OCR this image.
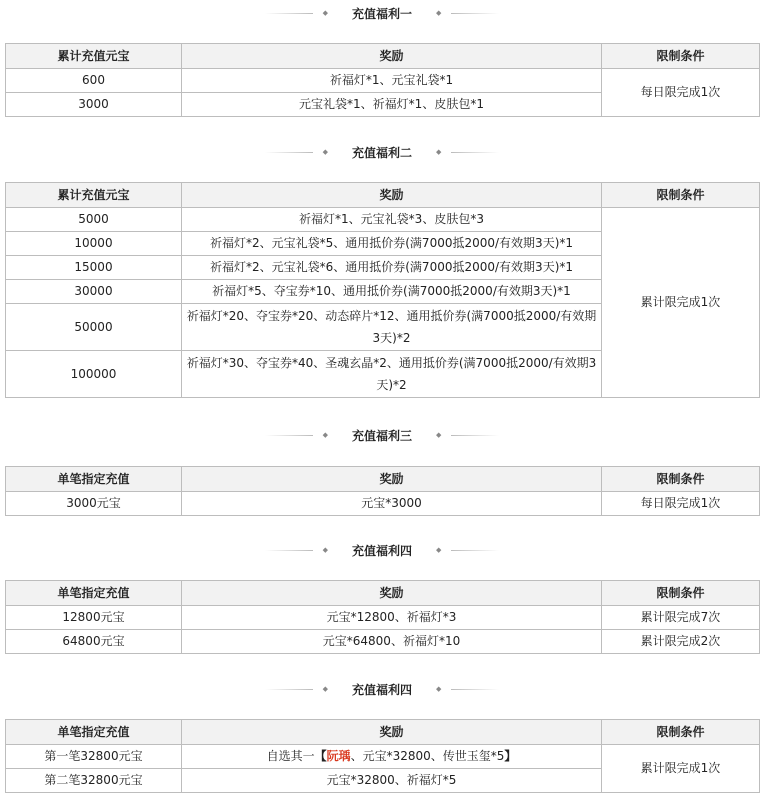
◆ 充值福利一	◆
累计充值元宝	奖励	限制条件
600	祈福灯*1、元宝礼袋*1	每日限完成1次
3000	元宝礼袋*1、祈福灯*1、皮肤包*1	
◆ 充值福利二	◆
累计充值元宝	奖励	限制条件
5000	祈福灯*1、元宝礼袋*3、皮肤包*3	累计限完成1次
10000	祈福灯*2、元宝礼袋*5、通用抵价券(满7000抵2000/有效期3天)*1	
15000	祈福灯*2、元宝礼袋*6、通用抵价券(满7000抵2000/有效期3天)*1	
30000	祈福灯*5、夺宝券*10、通用抵价券(满7000抵2000/有效期3天)*1	
50000	祈福灯*20、夺宝券*20、动态碎片*12、通用抵价券(满7000抵2000/有效期3天)*2	
100000	祈福灯*30、夺宝券*40、圣魂玄晶*2、通用抵价券(满7000抵2000/有效期3天)*2	
◆ 充值福利三	◆
单笔指定充值	奖励	限制条件
3000元宝	元宝*3000	每日限完成1次
◆ 充值福利四	◆
单笔指定充值	奖励	限制条件
12800元宝	元宝*12800、祈福灯*3	累计限完成7次
64800元宝	元宝*64800、祈福灯*10	累计限完成2次
◆ 充值福利四	◆
单笔指定充值	奖励	限制条件
第一笔32800元宝	自选其一【阮瑀、元宝*32800、传世玉玺*5】	累计限完成1次
第二笔32800元宝	元宝*32800、祈福灯*5	
